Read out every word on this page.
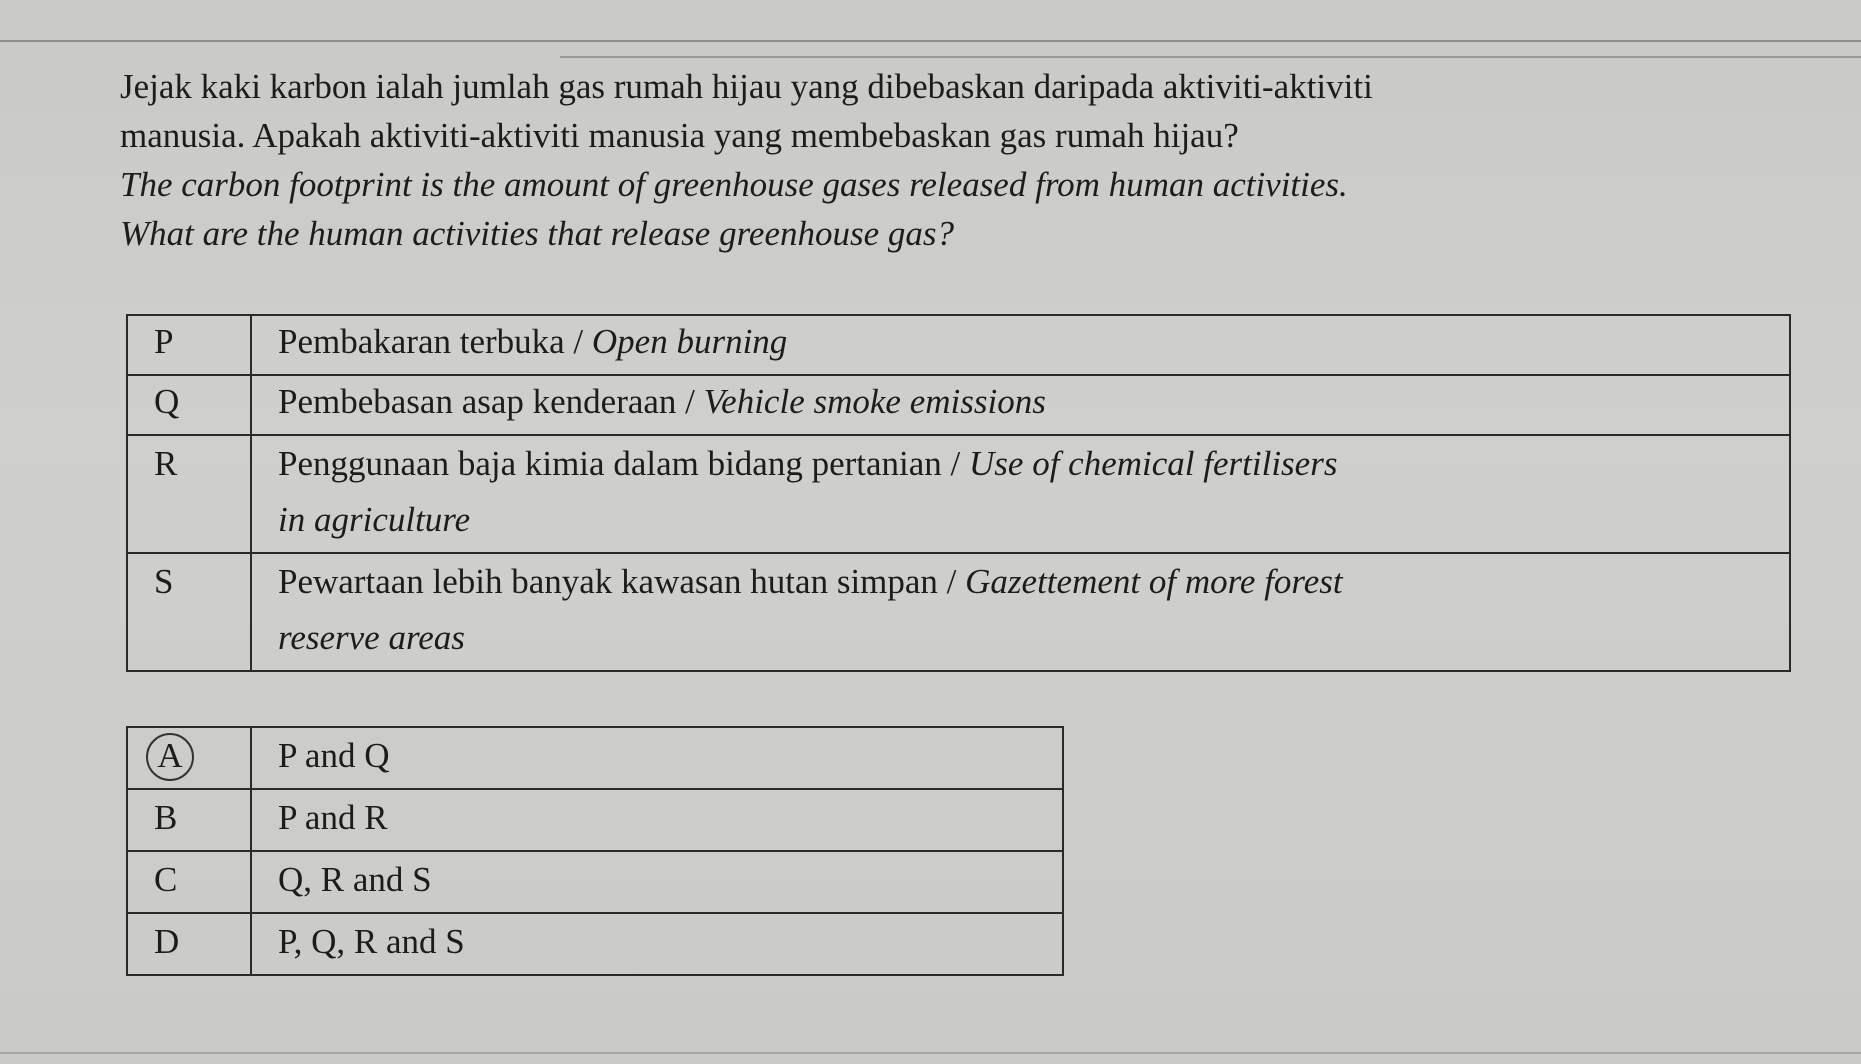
Jejak kaki karbon ialah jumlah gas rumah hijau yang dibebaskan daripada aktiviti-aktiviti

manusia. Apakah aktiviti-aktiviti manusia yang membebaskan gas rumah hijau?

The carbon footprint is the amount of greenhouse gases released from human activities.

What are the human activities that release greenhouse gas?

P	Pembakaran terbuka / Open burning
Q	Pembebasan asap kenderaan / Vehicle smoke emissions
R	Penggunaan baja kimia dalam bidang pertanian / Use of chemical fertilisers
in agriculture
S	Pewartaan lebih banyak kawasan hutan simpan / Gazettement of more forest
reserve areas
A	P and Q
B	P and R
C	Q, R and S
D	P, Q, R and S
